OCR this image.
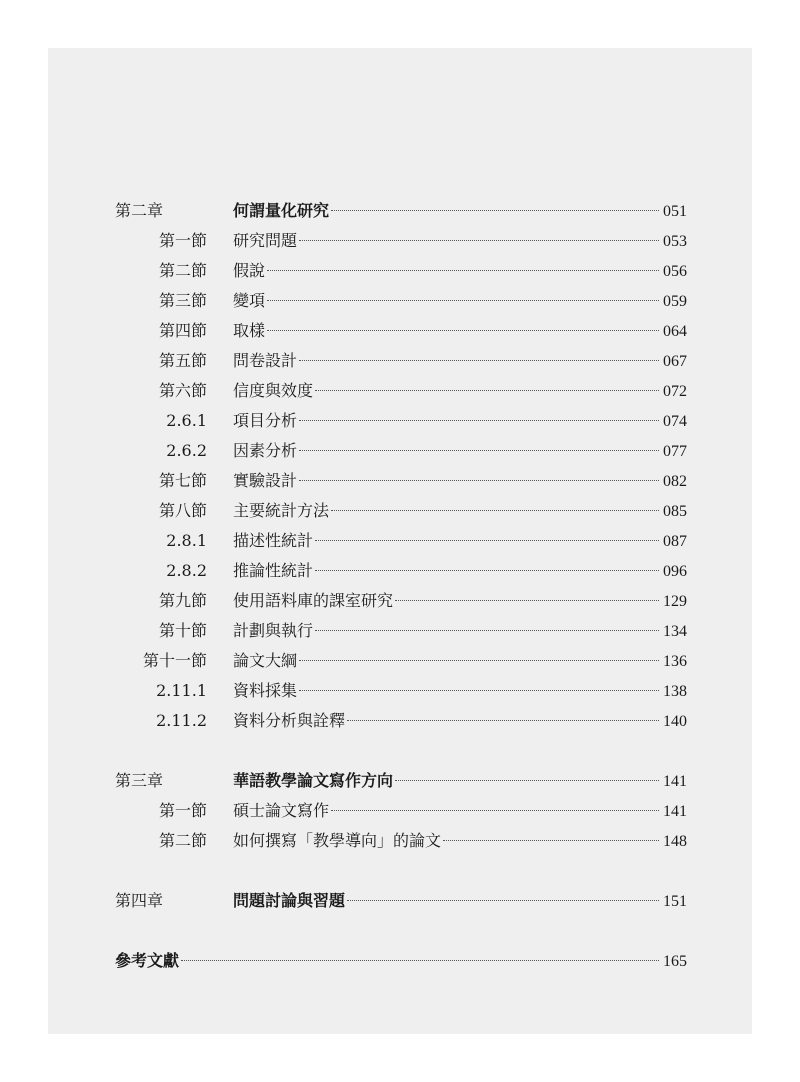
第二章	何謂量化研究	051
第一節 研究問題	053
第二節 假說	056
第三節 變項	059
第四節 取樣	064
第五節 問卷設計	067
第六節 信度與效度	072
2.6.1 項目分析	074
2.6.2 因素分析	077
第七節 實驗設計	082
第八節 主要統計方法	085
2.8.1 描述性統計	087
2.8.2 推論性統計	096
第九節 使用語料庫的課室研究	129
第十節 計劃與執行	134
第十一節 論文大綱	136
2.11.1 資料採集	138
2.11.2 資料分析與詮釋	140
第三章	華語教學論文寫作方向	141
第一節 碩士論文寫作	141
第二節 如何撰寫「教學導向」的論文	148
第四章	問題討論與習題	151
參考文獻	165
